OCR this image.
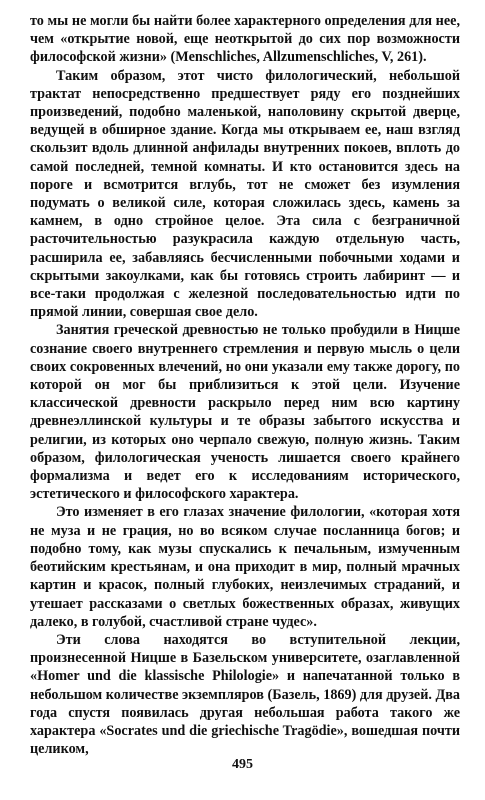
то мы не могли бы найти более характерного определения для нее, чем «открытие новой, еще неоткрытой до сих пор возможности философской жизни» (Menschliches, Allzumenschliches, V, 261).

Таким образом, этот чисто филологический, небольшой трактат непосредственно предшествует ряду его позднейших произведений, подобно маленькой, наполовину скрытой дверце, ведущей в обширное здание. Когда мы открываем ее, наш взгляд скользит вдоль длинной анфилады внутренних покоев, вплоть до самой последней, темной комнаты. И кто остановится здесь на пороге и всмотрится вглубь, тот не сможет без изумления подумать о великой силе, которая сложилась здесь, камень за камнем, в одно стройное целое. Эта сила с безграничной расточительностью разукрасила каждую отдельную часть, расширила ее, забавляясь бесчисленными побочными ходами и скрытыми закоулками, как бы готовясь строить лабиринт — и все-таки продолжая с железной последовательностью идти по прямой линии, совершая свое дело.

Занятия греческой древностью не только пробудили в Ницше сознание своего внутреннего стремления и первую мысль о цели своих сокровенных влечений, но они указали ему также дорогу, по которой он мог бы приблизиться к этой цели. Изучение классической древности раскрыло перед ним всю картину древнеэллинской культуры и те образы забытого искусства и религии, из которых оно черпало свежую, полную жизнь. Таким образом, филологическая ученость лишается своего крайнего формализма и ведет его к исследованиям исторического, эстетического и философского характера.

Это изменяет в его глазах значение филологии, «которая хотя не муза и не грация, но во всяком случае посланница богов; и подобно тому, как музы спускались к печальным, измученным беотийским крестьянам, и она приходит в мир, полный мрачных картин и красок, полный глубоких, неизлечимых страданий, и утешает рассказами о светлых божественных образах, живущих далеко, в голубой, счастливой стране чудес».

Эти слова находятся во вступительной лекции, произнесенной Ницше в Базельском университете, озаглавленной «Homer und die klassische Philologie» и напечатанной только в небольшом количестве экземпляров (Базель, 1869) для друзей. Два года спустя появилась другая небольшая работа такого же характера «Socrates und die griechische Tragödie», вошедшая почти целиком,

495
